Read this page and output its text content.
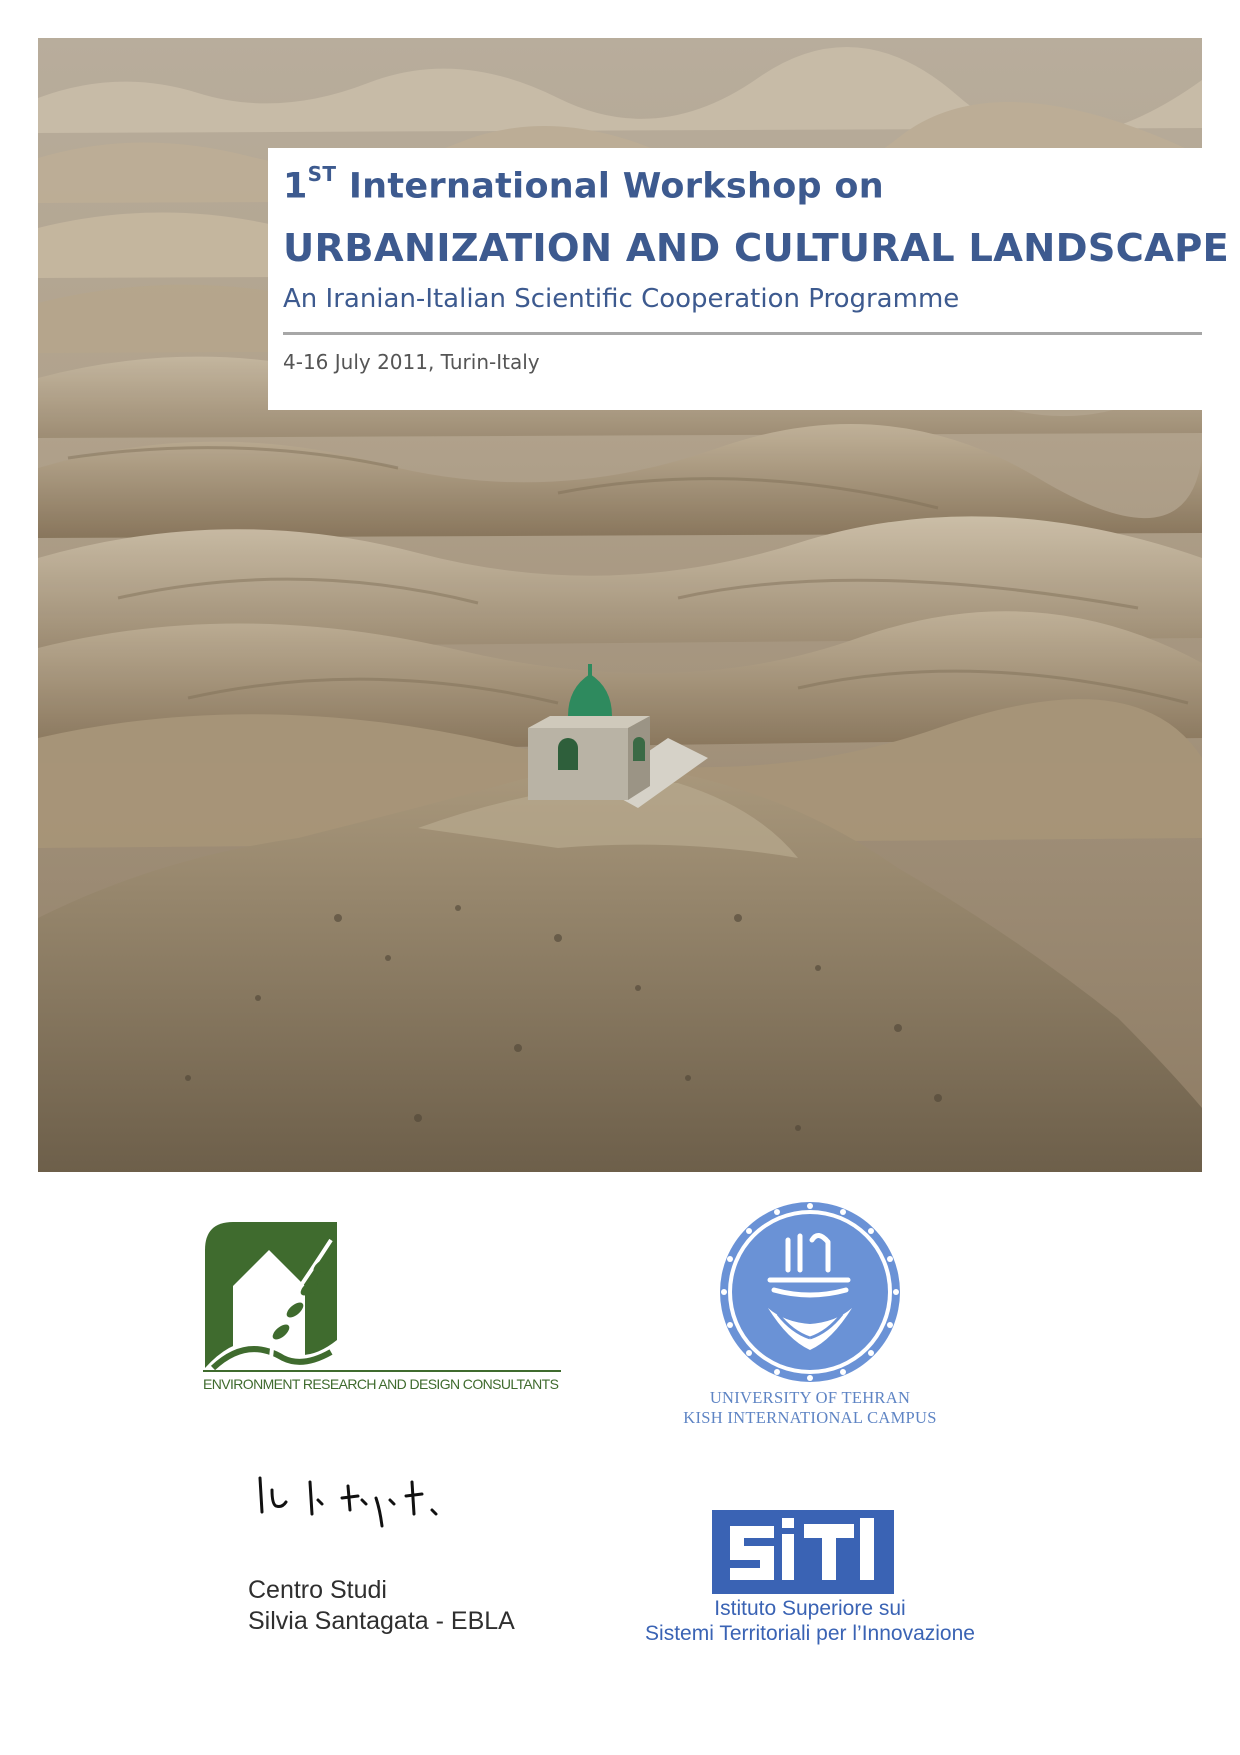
1ST International Workshop on
URBANIZATION AND CULTURAL LANDSCAPE

An Iranian-Italian Scientific Cooperation Programme

4-16 July 2011, Turin-Italy

ENVIRONMENT RESEARCH AND DESIGN CONSULTANTS

UNIVERSITY OF TEHRAN
KISH INTERNATIONAL CAMPUS
Centro Studi
Silvia Santagata - EBLA	Istituto Superiore sui
Sistemi Territoriali per l’Innovazione
